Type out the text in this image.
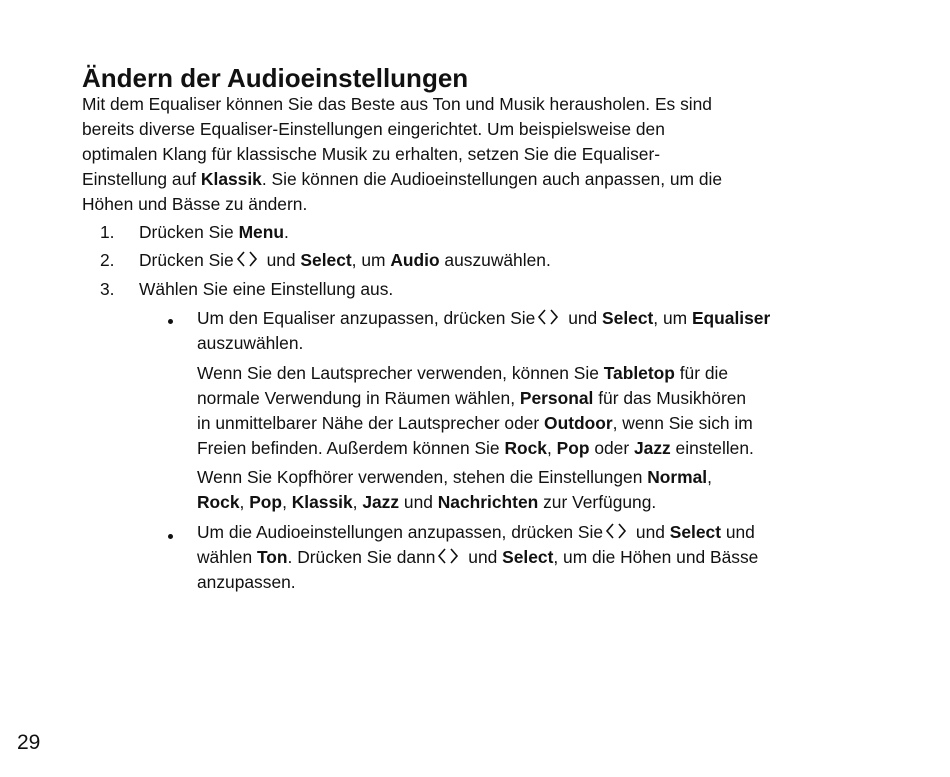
Ändern der Audioeinstellungen

Mit dem Equaliser können Sie das Beste aus Ton und Musik herausholen. Es sind
bereits diverse Equaliser-Einstellungen eingerichtet. Um beispielsweise den
optimalen Klang für klassische Musik zu erhalten, setzen Sie die Equaliser-
Einstellung auf Klassik. Sie können die Audioeinstellungen auch anpassen, um die
Höhen und Bässe zu ändern.

1. Drücken Sie Menu.
2. Drücken Sie
und Select, um Audio auszuwählen.
3. Wählen Sie eine Einstellung aus.
Um den Equaliser anzupassen, drücken Sie
und Select, um Equaliser
auszuwählen.
Wenn Sie den Lautsprecher verwenden, können Sie Tabletop für die
normale Verwendung in Räumen wählen, Personal für das Musikhören
in unmittelbarer Nähe der Lautsprecher oder Outdoor, wenn Sie sich im
Freien befinden. Außerdem können Sie Rock, Pop oder Jazz einstellen.
Wenn Sie Kopfhörer verwenden, stehen die Einstellungen Normal,
Rock, Pop, Klassik, Jazz und Nachrichten zur Verfügung.
Um die Audioeinstellungen anzupassen, drücken Sie
und Select und
wählen Ton. Drücken Sie dann
und Select, um die Höhen und Bässe
anzupassen.
29
